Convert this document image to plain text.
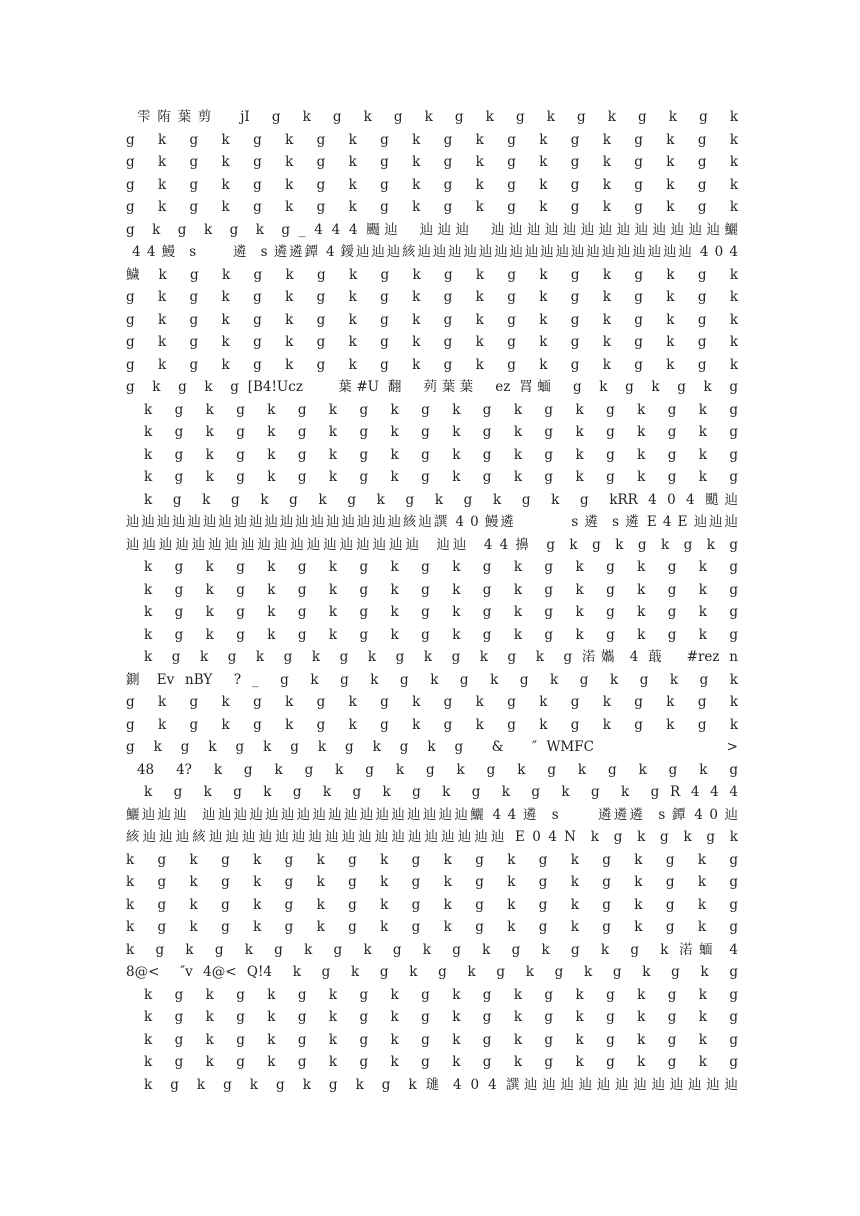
雫陏葉剪  jI  g  k  g  k  g  k  g  k  g  k  g  k  g  k  g  k
g  k  g  k  g  k  g  k  g  k  g  k  g  k  g  k  g  k  g  k
g  k  g  k  g  k  g  k  g  k  g  k  g  k  g  k  g  k  g  k
g  k  g  k  g  k  g  k  g  k  g  k  g  k  g  k  g  k  g  k
g  k  g  k  g  k  g  k  g  k  g  k  g  k  g  k  g  k  g  k
g  k  g  k  g  k  g _ 4 4 4 颺辿  辿辿辿  辿辿辿辿辿辿辿辿辿辿辿辿辿鱺
4 4 鰻  s      遴  s 遴遴鐔 4 鑀辿辿辿絯辿辿辿辿辿辿辿辿辿辿辿辿辿辿辿辿辿辿 4 0 4
鱥 k  g  k  g  k  g  k  g  k  g  k  g  k  g  k  g  k  g  k
g  k  g  k  g  k  g  k  g  k  g  k  g  k  g  k  g  k  g  k
g  k  g  k  g  k  g  k  g  k  g  k  g  k  g  k  g  k  g  k
g  k  g  k  g  k  g  k  g  k  g  k  g  k  g  k  g  k  g  k
g  k  g  k  g  k  g  k  g  k  g  k  g  k  g  k  g  k  g  k
g  k  g  k  g [B4!Ucz    葉#U 翻  茢葉葉  ez 罥蝒  g  k  g  k  g  k  g
k  g  k  g  k  g  k  g  k  g  k  g  k  g  k  g  k  g  k  g
k  g  k  g  k  g  k  g  k  g  k  g  k  g  k  g  k  g  k  g
k  g  k  g  k  g  k  g  k  g  k  g  k  g  k  g  k  g  k  g
k  g  k  g  k  g  k  g  k  g  k  g  k  g  k  g  k  g  k  g
k  g  k  g  k  g  k  g  k  g  k  g  k  g  k  g  kRR 4 0 4 颵辿
辿辿辿辿辿辿辿辿辿辿辿辿辿辿辿辿辿辿絯辿譔 4 0 鰻遴         s 遴  s 遴 E 4 E 辿辿辿
辿辿辿辿辿辿辿辿辿辿辿辿辿辿辿辿辿辿  辿辿  4 4 擤  g  k  g  k  g  k  g  k  g
k  g  k  g  k  g  k  g  k  g  k  g  k  g  k  g  k  g  k  g
k  g  k  g  k  g  k  g  k  g  k  g  k  g  k  g  k  g  k  g
k  g  k  g  k  g  k  g  k  g  k  g  k  g  k  g  k  g  k  g
k  g  k  g  k  g  k  g  k  g  k  g  k  g  k  g  k  g  k  g
k  g  k  g  k  g  k  g  k  g  k  g  k  g  k  g 渃孈 4 蕺  #rez n
鍘 Ev nBY  ? _  g  k  g  k  g  k  g  k  g  k  g  k  g  k  g  k
g  k  g  k  g  k  g  k  g  k  g  k  g  k  g  k  g  k  g  k
g  k  g  k  g  k  g  k  g  k  g  k  g  k  g  k  g  k  g  k
g  k  g  k  g  k  g  k  g  k  g  k  g   &   ″ WMFC              >
48  4?  k  g  k  g  k  g  k  g  k  g  k  g  k  g  k  g  k  g
k  g  k  g  k  g  k  g  k  g  k  g  k  g  k  g  k  g R 4 4 4
鱺辿辿辿  辿辿辿辿辿辿辿辿辿辿辿辿辿辿辿辿辿鱺 4 4 遴  s      遴遴遴  s 鐔 4 0 辿
絯辿辿辿絯辿辿辿辿辿辿辿辿辿辿辿辿辿辿辿辿辿辿 E 0 4 N  k  g  k  g  k  g  k
k  g  k  g  k  g  k  g  k  g  k  g  k  g  k  g  k  g  k  g
k  g  k  g  k  g  k  g  k  g  k  g  k  g  k  g  k  g  k  g
k  g  k  g  k  g  k  g  k  g  k  g  k  g  k  g  k  g  k  g
k  g  k  g  k  g  k  g  k  g  k  g  k  g  k  g  k  g  k  g
k  g  k  g  k  g  k  g  k  g  k  g  k  g  k  g  k  g  k 渃蝒 4
8@<  ″v 4@< Q!4  k  g  k  g  k  g  k  g  k  g  k  g  k  g  k  g
k  g  k  g  k  g  k  g  k  g  k  g  k  g  k  g  k  g  k  g
k  g  k  g  k  g  k  g  k  g  k  g  k  g  k  g  k  g  k  g
k  g  k  g  k  g  k  g  k  g  k  g  k  g  k  g  k  g  k  g
k  g  k  g  k  g  k  g  k  g  k  g  k  g  k  g  k  g  k  g
k  g  k  g  k  g  k  g  k  g  k 璡 4 0 4 譔辿辿辿辿辿辿辿辿辿辿辿辿
